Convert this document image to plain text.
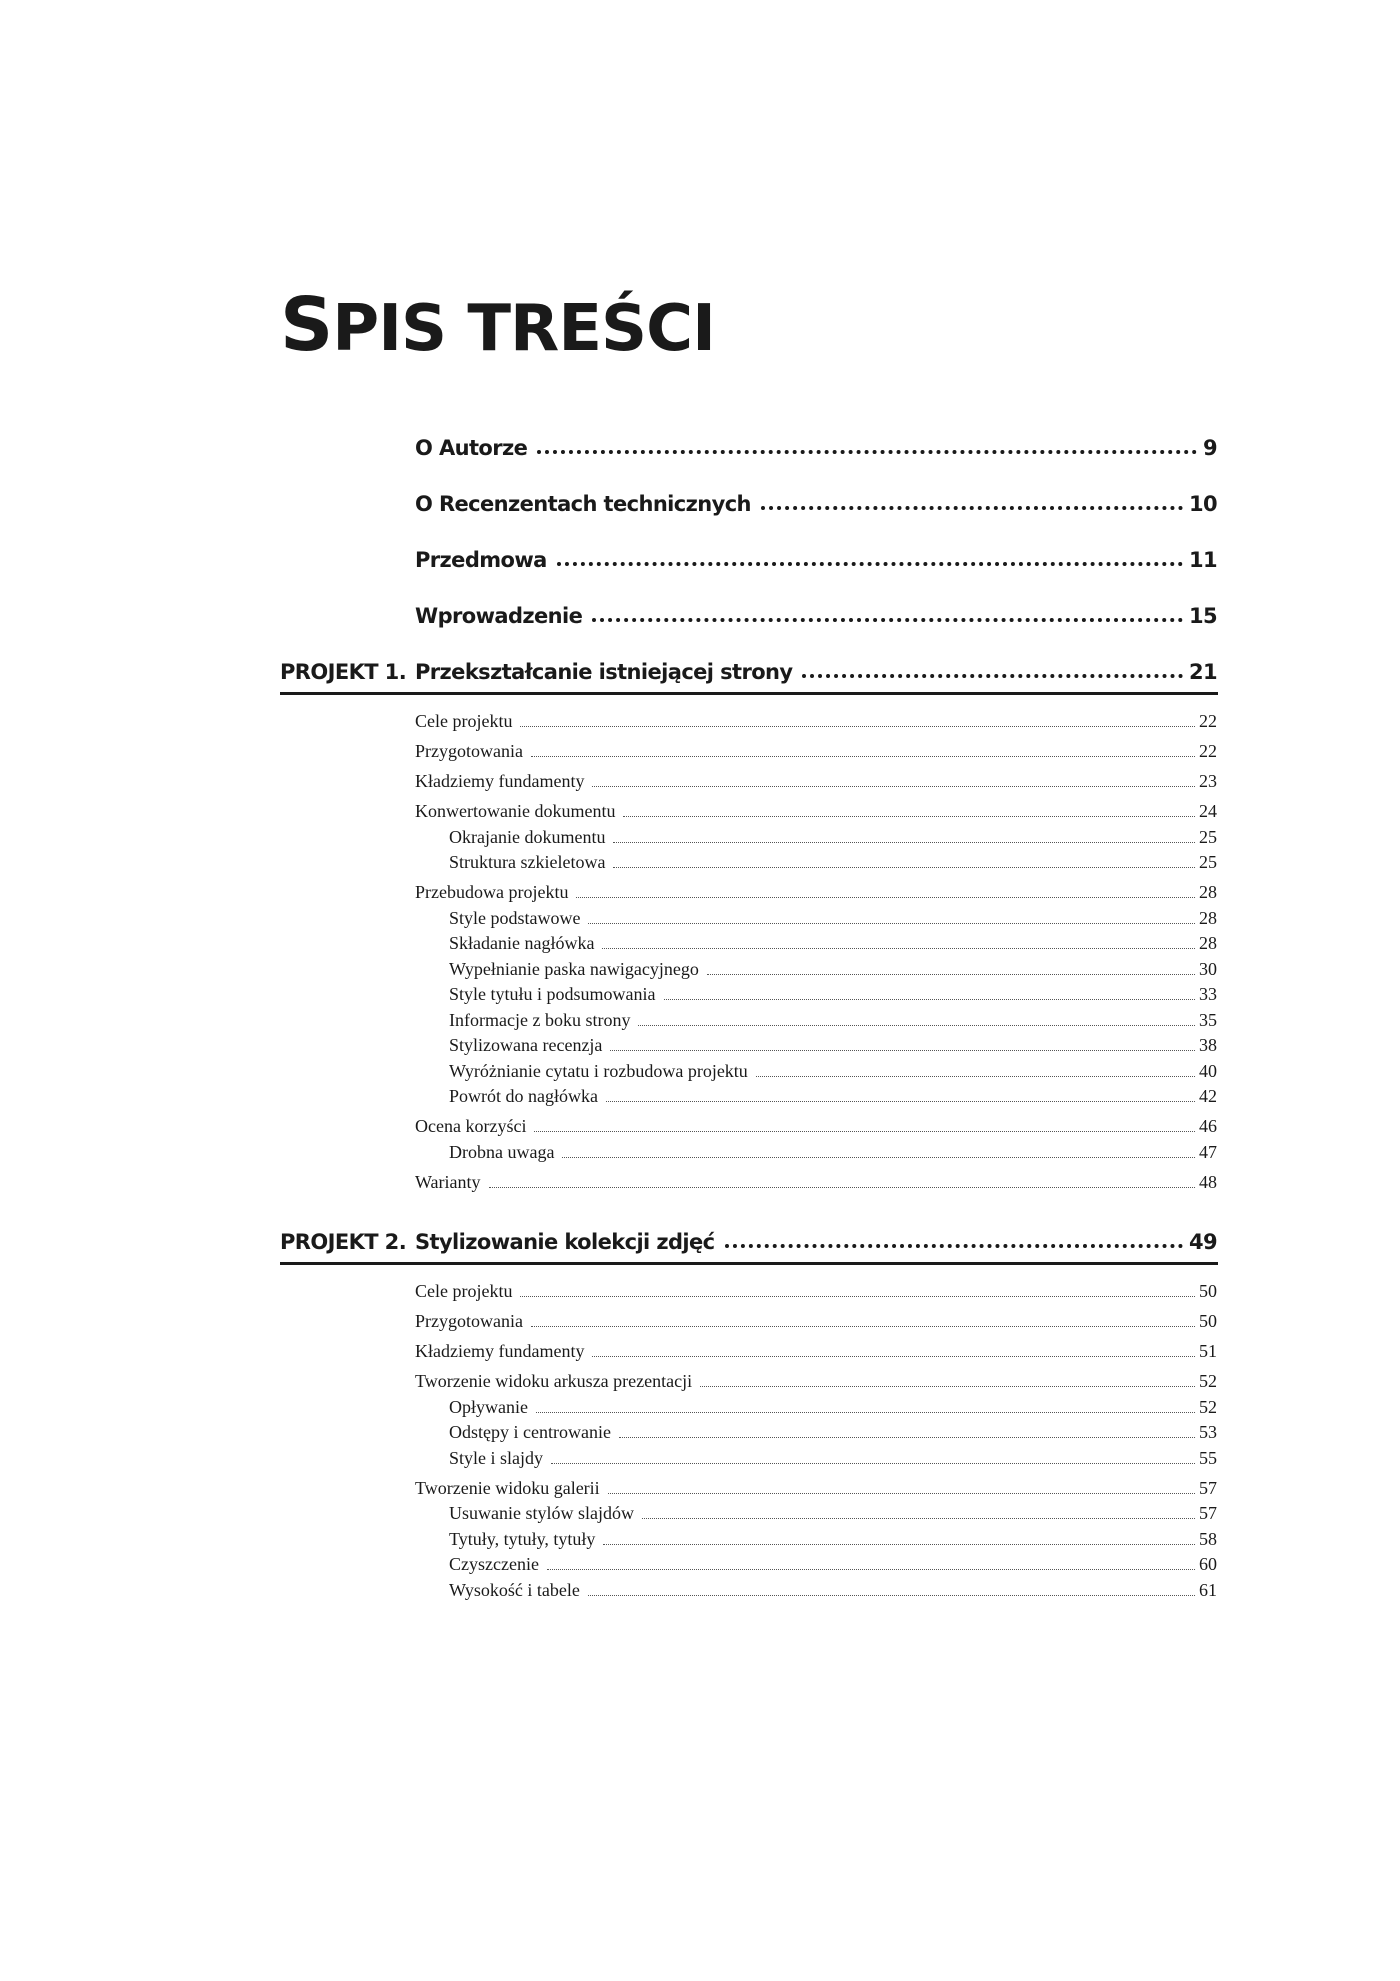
SPIS TREŚCI
O Autorze	9
O Recenzentach technicznych	10
Przedmowa	11
Wprowadzenie	15
PROJEKT 1. Przekształcanie istniejącej strony	21
Cele projektu	22
Przygotowania	22
Kładziemy fundamenty	23
Konwertowanie dokumentu	24
Okrajanie dokumentu	25
Struktura szkieletowa	25
Przebudowa projektu	28
Style podstawowe	28
Składanie nagłówka	28
Wypełnianie paska nawigacyjnego	30
Style tytułu i podsumowania	33
Informacje z boku strony	35
Stylizowana recenzja	38
Wyróżnianie cytatu i rozbudowa projektu	40
Powrót do nagłówka	42
Ocena korzyści	46
Drobna uwaga	47
Warianty	48
PROJEKT 2. Stylizowanie kolekcji zdjęć	49
Cele projektu	50
Przygotowania	50
Kładziemy fundamenty	51
Tworzenie widoku arkusza prezentacji	52
Opływanie	52
Odstępy i centrowanie	53
Style i slajdy	55
Tworzenie widoku galerii	57
Usuwanie stylów slajdów	57
Tytuły, tytuły, tytuły	58
Czyszczenie	60
Wysokość i tabele	61
